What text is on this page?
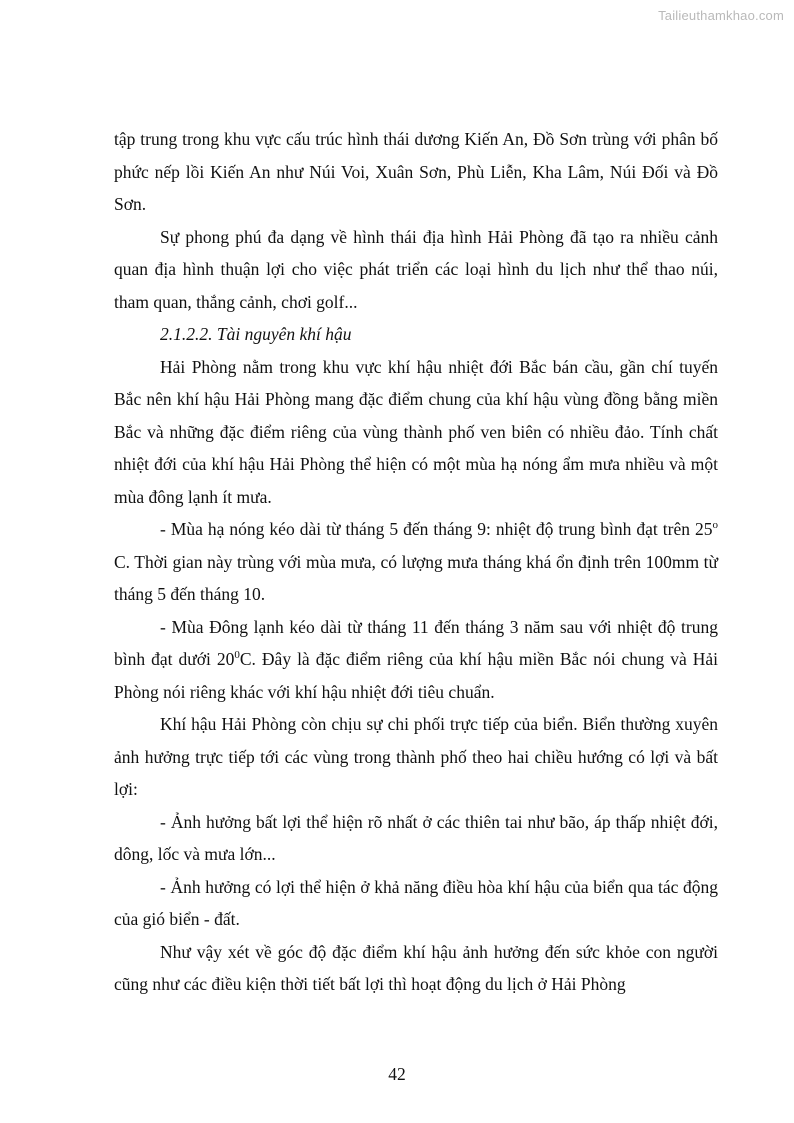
Tailieuthamkhao.com

tập trung trong khu vực cấu trúc hình thái dương Kiến An, Đồ Sơn trùng với phân bố phức nếp lồi Kiến An như Núi Voi, Xuân Sơn, Phù Liễn, Kha Lâm, Núi Đối và Đồ Sơn.

Sự phong phú đa dạng về hình thái địa hình Hải Phòng đã tạo ra nhiều cảnh quan địa hình thuận lợi cho việc phát triển các loại hình du lịch như thể thao núi, tham quan, thắng cảnh, chơi golf...

2.1.2.2. Tài nguyên khí hậu

Hải Phòng nằm trong khu vực khí hậu nhiệt đới Bắc bán cầu, gần chí tuyến Bắc nên khí hậu Hải Phòng mang đặc điểm chung của khí hậu vùng đồng bằng miền Bắc và những đặc điểm riêng của vùng thành phố ven biên có nhiều đảo. Tính chất nhiệt đới của khí hậu Hải Phòng thể hiện có một mùa hạ nóng ẩm mưa nhiều và một mùa đông lạnh ít mưa.

- Mùa hạ nóng kéo dài từ tháng 5 đến tháng 9: nhiệt độ trung bình đạt trên 25$^o$ C. Thời gian này trùng với mùa mưa, có lượng mưa tháng khá ổn định trên 100mm từ tháng 5 đến tháng 10.

- Mùa Đông lạnh kéo dài từ tháng 11 đến tháng 3 năm sau với nhiệt độ trung bình đạt dưới $20^0C$. Đây là đặc điểm riêng của khí hậu miền Bắc nói chung và Hải Phòng nói riêng khác với khí hậu nhiệt đới tiêu chuẩn.

Khí hậu Hải Phòng còn chịu sự chi phối trực tiếp của biển. Biển thường xuyên ảnh hưởng trực tiếp tới các vùng trong thành phố theo hai chiều hướng có lợi và bất lợi:

- Ảnh hưởng bất lợi thể hiện rõ nhất ở các thiên tai như bão, áp thấp nhiệt đới, dông, lốc và mưa lớn...

- Ảnh hưởng có lợi thể hiện ở khả năng điều hòa khí hậu của biển qua tác động của gió biển - đất.

Như vậy xét về góc độ đặc điểm khí hậu ảnh hưởng đến sức khỏe con người cũng như các điều kiện thời tiết bất lợi thì hoạt động du lịch ở Hải Phòng

42
